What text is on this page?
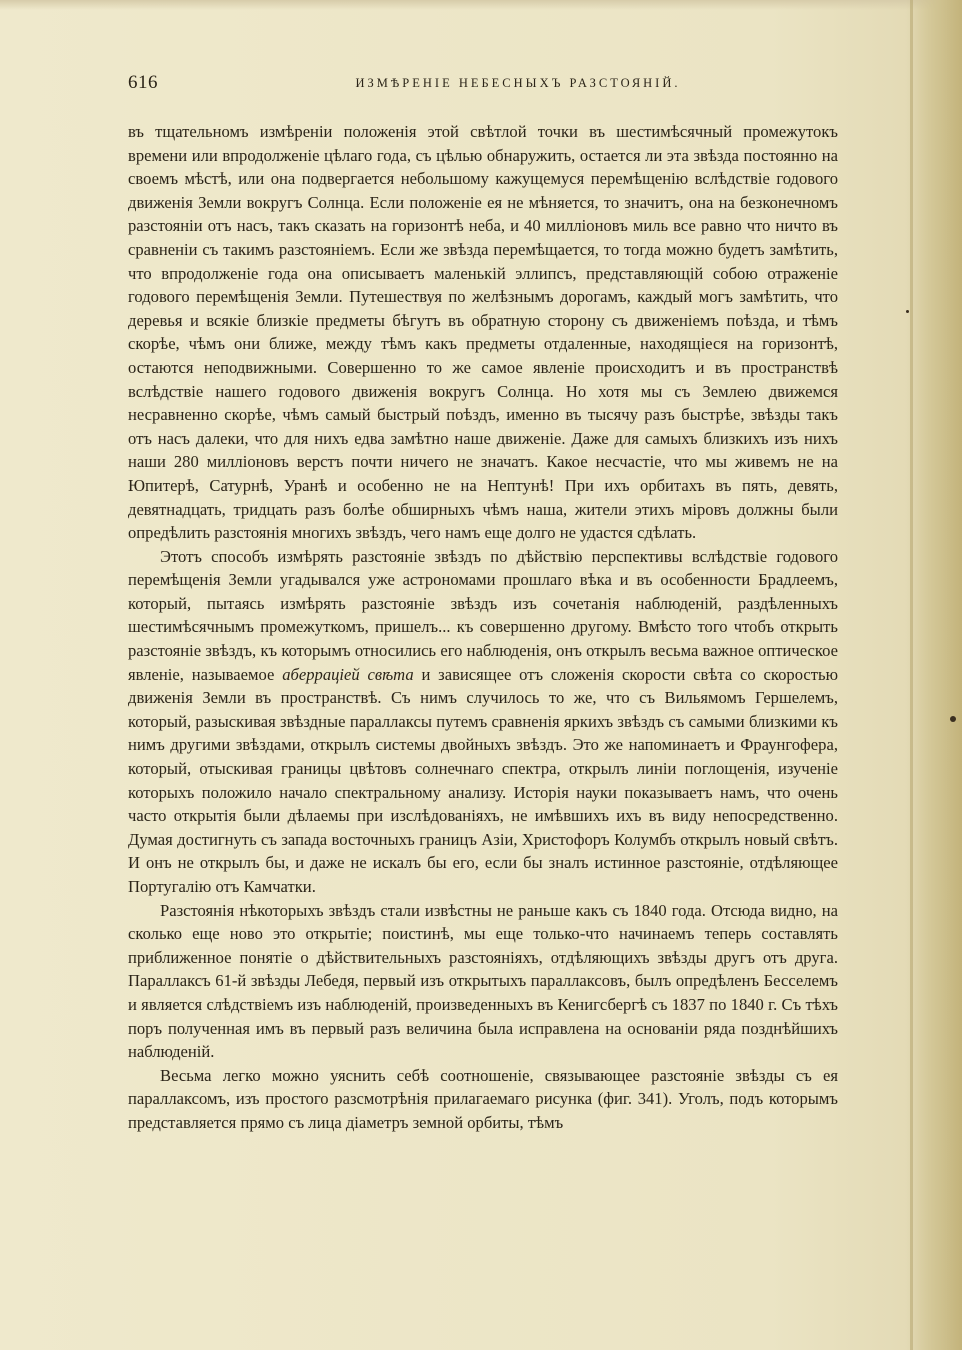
616	ИЗМѢРЕНІЕ НЕБЕСНЫХЪ РАЗСТОЯНІЙ.

въ тщательномъ измѣреніи положенія этой свѣтлой точки въ шестимѣсячный промежутокъ времени или впродолженіе цѣлаго года, съ цѣлью обнаружить, остается ли эта звѣзда постоянно на своемъ мѣстѣ, или она подвергается небольшому кажущемуся перемѣщенію вслѣдствіе годового движенія Земли вокругъ Солнца. Если положеніе ея не мѣняется, то значитъ, она на безконечномъ разстояніи отъ насъ, такъ сказать на горизонтѣ неба, и 40 милліоновъ миль все равно что ничто въ сравненіи съ такимъ разстояніемъ. Если же звѣзда перемѣщается, то тогда можно будетъ замѣтить, что впродолженіе года она описываетъ маленькій эллипсъ, представляющій собою отраженіе годового перемѣщенія Земли. Путешествуя по желѣзнымъ дорогамъ, каждый могъ замѣтить, что деревья и всякіе близкіе предметы бѣгутъ въ обратную сторону съ движеніемъ поѣзда, и тѣмъ скорѣе, чѣмъ они ближе, между тѣмъ какъ предметы отдаленные, находящіеся на горизонтѣ, остаются неподвижными. Совершенно то же самое явленіе происходитъ и въ пространствѣ вслѣдствіе нашего годового движенія вокругъ Солнца. Но хотя мы съ Землею движемся несравненно скорѣе, чѣмъ самый быстрый поѣздъ, именно въ тысячу разъ быстрѣе, звѣзды такъ отъ насъ далеки, что для нихъ едва замѣтно наше движеніе. Даже для самыхъ близкихъ изъ нихъ наши 280 милліоновъ верстъ почти ничего не значатъ. Какое несчастіе, что мы живемъ не на Юпитерѣ, Сатурнѣ, Уранѣ и особенно не на Нептунѣ! При ихъ орбитахъ въ пять, девять, девятнадцать, тридцать разъ болѣе обширныхъ чѣмъ наша, жители этихъ міровъ должны были опредѣлить разстоянія многихъ звѣздъ, чего намъ еще долго не удастся сдѣлать.

Этотъ способъ измѣрять разстояніе звѣздъ по дѣйствію перспективы вслѣдствіе годового перемѣщенія Земли угадывался уже астрономами прошлаго вѣка и въ особенности Брадлеемъ, который, пытаясь измѣрять разстояніе звѣздъ изъ сочетанія наблюденій, раздѣленныхъ шестимѣсячнымъ промежуткомъ, пришелъ... къ совершенно другому. Вмѣсто того чтобъ открыть разстояніе звѣздъ, къ которымъ относились его наблюденія, онъ открылъ весьма важное оптическое явленіе, называемое аберраціей свѣта и зависящее отъ сложенія скорости свѣта со скоростью движенія Земли въ пространствѣ. Съ нимъ случилось то же, что съ Вильямомъ Гершелемъ, который, разыскивая звѣздные параллаксы путемъ сравненія яркихъ звѣздъ съ самыми близкими къ нимъ другими звѣздами, открылъ системы двойныхъ звѣздъ. Это же напоминаетъ и Фраунгофера, который, отыскивая границы цвѣтовъ солнечнаго спектра, открылъ линіи поглощенія, изученіе которыхъ положило начало спектральному анализу. Исторія науки показываетъ намъ, что очень часто открытія были дѣлаемы при изслѣдованіяхъ, не имѣвшихъ ихъ въ виду непосредственно. Думая достигнуть съ запада восточныхъ границъ Азіи, Христофоръ Колумбъ открылъ новый свѣтъ. И онъ не открылъ бы, и даже не искалъ бы его, если бы зналъ истинное разстояніе, отдѣляющее Португалію отъ Камчатки.

Разстоянія нѣкоторыхъ звѣздъ стали извѣстны не раньше какъ съ 1840 года. Отсюда видно, на сколько еще ново это открытіе; поистинѣ, мы еще только-что начинаемъ теперь составлять приближенное понятіе о дѣйствительныхъ разстояніяхъ, отдѣляющихъ звѣзды другъ отъ друга. Параллаксъ 61-й звѣзды Лебедя, первый изъ открытыхъ параллаксовъ, былъ опредѣленъ Бесселемъ и является слѣдствіемъ изъ наблюденій, произведенныхъ въ Кенигсбергѣ съ 1837 по 1840 г. Съ тѣхъ поръ полученная имъ въ первый разъ величина была исправлена на основаніи ряда позднѣйшихъ наблюденій.

Весьма легко можно уяснить себѣ соотношеніе, связывающее разстояніе звѣзды съ ея параллаксомъ, изъ простого разсмотрѣнія прилагаемаго рисунка (фиг. 341). Уголъ, подъ которымъ представляется прямо съ лица діаметръ земной орбиты, тѣмъ
